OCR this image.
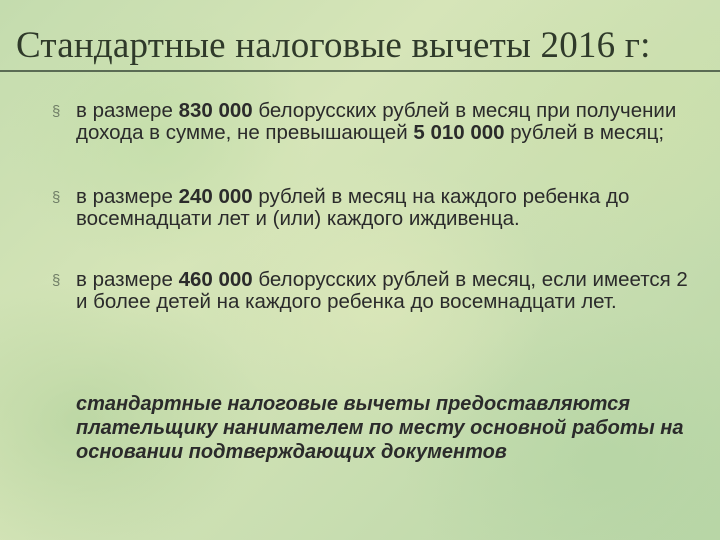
Стандартные налоговые вычеты 2016 г:
§ в размере 830 000 белорусских рублей в месяц при получении дохода в сумме, не превышающей 5 010 000 рублей в месяц;
§ в размере 240 000 рублей в месяц на каждого ребенка до восемнадцати лет и (или) каждого иждивенца.
§ в размере 460 000 белорусских рублей в месяц, если имеется 2 и более детей на каждого ребенка до восемнадцати лет.
стандартные налоговые вычеты предоставляются плательщику нанимателем по месту основной работы на основании подтверждающих документов
